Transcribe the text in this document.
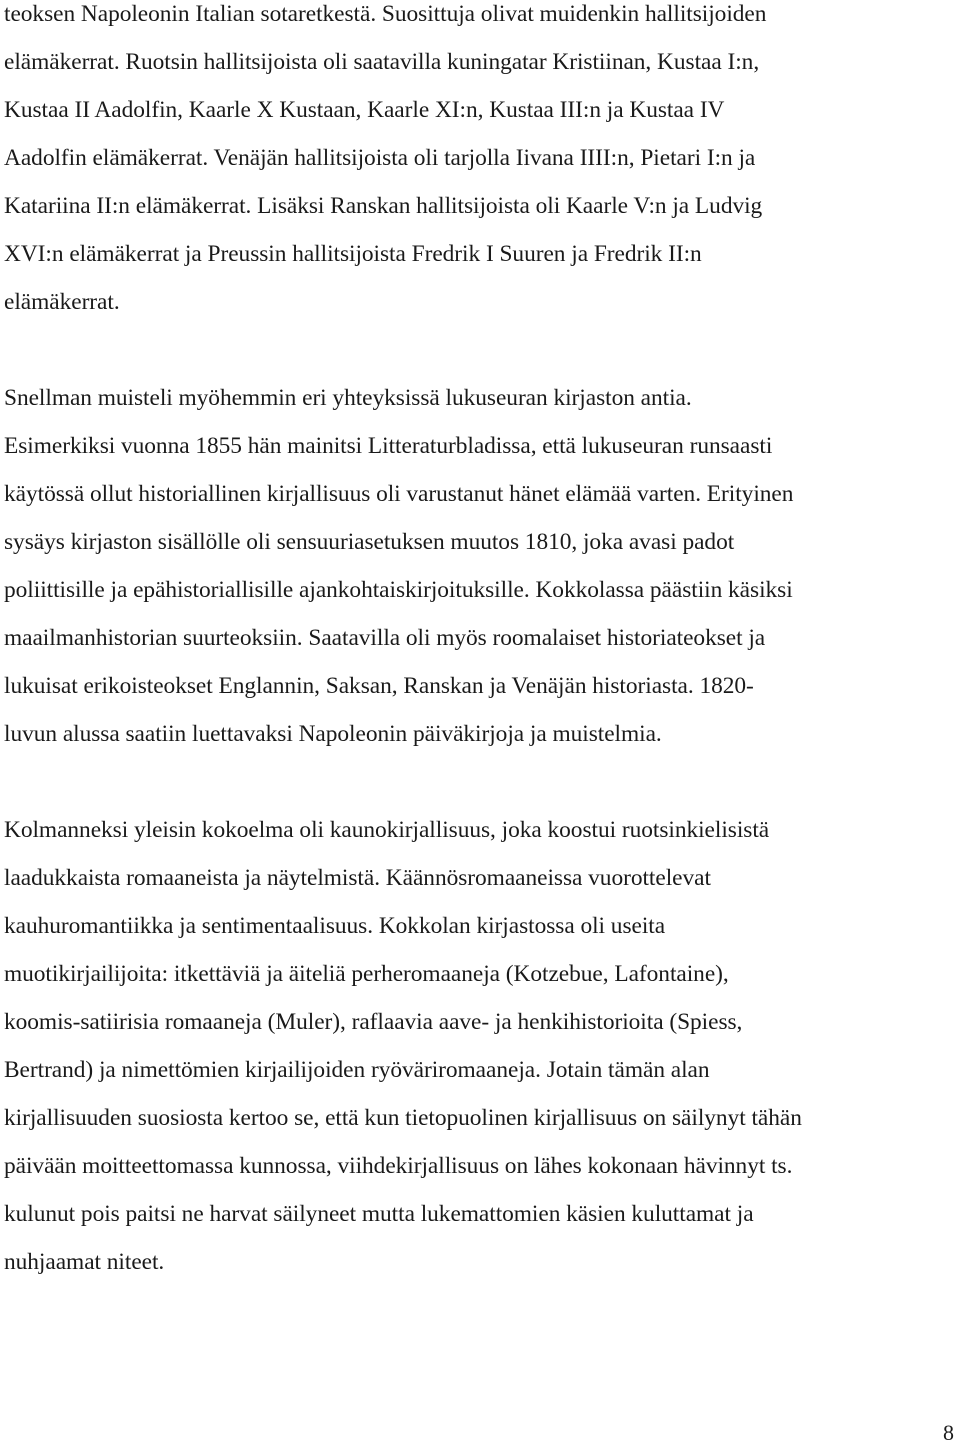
teoksen Napoleonin Italian sotaretkestä. Suosittuja olivat muidenkin hallitsijoiden
elämäkerrat. Ruotsin hallitsijoista oli saatavilla kuningatar Kristiinan, Kustaa I:n,
Kustaa II Aadolfin, Kaarle X Kustaan, Kaarle XI:n, Kustaa III:n ja Kustaa IV
Aadolfin elämäkerrat. Venäjän hallitsijoista oli tarjolla Iivana IIII:n, Pietari I:n ja
Katariina II:n elämäkerrat. Lisäksi Ranskan hallitsijoista oli Kaarle V:n ja Ludvig
XVI:n elämäkerrat ja Preussin hallitsijoista Fredrik I Suuren ja Fredrik II:n
elämäkerrat.

Snellman muisteli myöhemmin eri yhteyksissä lukuseuran kirjaston antia.
Esimerkiksi vuonna 1855 hän mainitsi Litteraturbladissa, että lukuseuran runsaasti
käytössä ollut historiallinen kirjallisuus oli varustanut hänet elämää varten. Erityinen
sysäys kirjaston sisällölle oli sensuuriasetuksen muutos 1810, joka avasi padot
poliittisille ja epähistoriallisille ajankohtaiskirjoituksille. Kokkolassa päästiin käsiksi
maailmanhistorian suurteoksiin. Saatavilla oli myös roomalaiset historiateokset ja
lukuisat erikoisteokset Englannin, Saksan, Ranskan ja Venäjän historiasta. 1820-
luvun alussa saatiin luettavaksi Napoleonin päiväkirjoja ja muistelmia.

Kolmanneksi yleisin kokoelma oli kaunokirjallisuus, joka koostui ruotsinkielisistä
laadukkaista romaaneista ja näytelmistä. Käännösromaaneissa vuorottelevat
kauhuromantiikka ja sentimentaalisuus. Kokkolan kirjastossa oli useita
muotikirjailijoita: itkettäviä ja äiteliä perheromaaneja (Kotzebue, Lafontaine),
koomis-satiirisia romaaneja (Muler), raflaavia aave- ja henkihistorioita (Spiess,
Bertrand) ja nimettömien kirjailijoiden ryöväriromaaneja. Jotain tämän alan
kirjallisuuden suosiosta kertoo se, että kun tietopuolinen kirjallisuus on säilynyt tähän
päivään moitteettomassa kunnossa, viihdekirjallisuus on lähes kokonaan hävinnyt ts.
kulunut pois paitsi ne harvat säilyneet mutta lukemattomien käsien kuluttamat ja
nuhjaamat niteet.

8
